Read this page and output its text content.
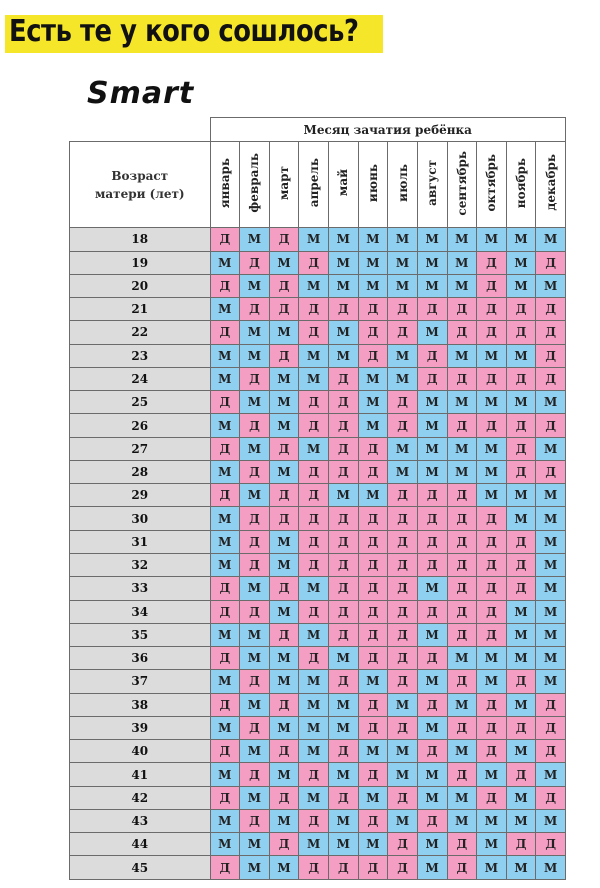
Есть те у кого сошлось?
Smart
	Месяц зачатия ребёнка											

Возраст
матери (лет)	январь	февраль	март	апрель	май	июнь	июль	август	сентябрь	октябрь	ноябрь	декабрь
18	Д	М	Д	М	М	М	М	М	М	М	М	М
19	М	Д	М	Д	М	М	М	М	М	Д	М	Д
20	Д	М	Д	М	М	М	М	М	М	Д	М	М
21	М	Д	Д	Д	Д	Д	Д	Д	Д	Д	Д	Д
22	Д	М	М	Д	М	Д	Д	М	Д	Д	Д	Д
23	М	М	Д	М	М	Д	М	Д	М	М	М	Д
24	М	Д	М	М	Д	М	М	Д	Д	Д	Д	Д
25	Д	М	М	Д	Д	М	Д	М	М	М	М	М
26	М	Д	М	Д	Д	М	Д	М	Д	Д	Д	Д
27	Д	М	Д	М	Д	Д	М	М	М	М	Д	М
28	М	Д	М	Д	Д	Д	М	М	М	М	Д	Д
29	Д	М	Д	Д	М	М	Д	Д	Д	М	М	М
30	М	Д	Д	Д	Д	Д	Д	Д	Д	Д	М	М
31	М	Д	М	Д	Д	Д	Д	Д	Д	Д	Д	М
32	М	Д	М	Д	Д	Д	Д	Д	Д	Д	Д	М
33	Д	М	Д	М	Д	Д	Д	М	Д	Д	Д	М
34	Д	Д	М	Д	Д	Д	Д	Д	Д	Д	М	М
35	М	М	Д	М	Д	Д	Д	М	Д	Д	М	М
36	Д	М	М	Д	М	Д	Д	Д	М	М	М	М
37	М	Д	М	М	Д	М	Д	М	Д	М	Д	М
38	Д	М	Д	М	М	Д	М	Д	М	Д	М	Д
39	М	Д	М	М	М	Д	Д	М	Д	Д	Д	Д
40	Д	М	Д	М	Д	М	М	Д	М	Д	М	Д
41	М	Д	М	Д	М	Д	М	М	Д	М	Д	М
42	Д	М	Д	М	Д	М	Д	М	М	Д	М	Д
43	М	Д	М	Д	М	Д	М	Д	М	М	М	М
44	М	М	Д	М	М	М	Д	М	Д	М	Д	Д
45	Д	М	М	Д	Д	Д	Д	М	Д	М	М	М
